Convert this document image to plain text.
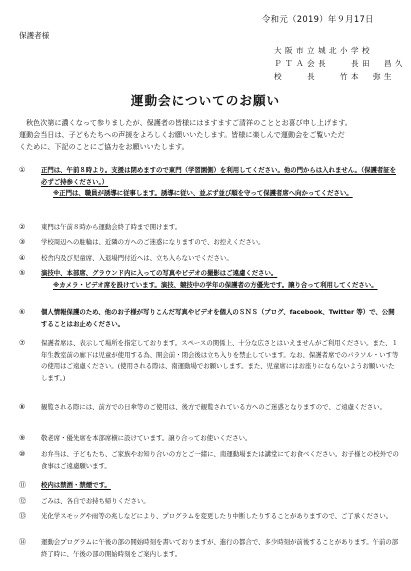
令和元（2019）年９月17日
保護者様
大阪市立城北小学校
ＰＴＡ会長　　長田　昌久
校　　長　　竹本　弥生
運動会についてのお願い

　秋色次第に濃くなって参りましたが、保護者の皆様にはますますご清祥のこととお喜び申し上げます。

運動会当日は、子どもたちへの声援をよろしくお願いいたします。皆様に楽しんで運動会をご覧いただ

くために、下記のことにご協力をお願いいたします。

①	正門は、午前８時より。支援は閉めますので東門（学習園側）を利用してください。他の門からは入れません。（保護者証を必ずご持参ください。）
※正門は、職員が誘導に従事します。誘導に従い、並ぶず並び順を守って保護者席へ向かってください。
②	東門は午前８時から運動会終了時まで開けます。
③	学校周辺への駐輪は、近隣の方へのご迷惑になりますので、お控えください。
④	校舎内及び児童席、入退場門付近へは、立ち入らないでください。
⑤	演技中、本部席、グラウンド内に入っての写真やビデオの撮影はご遠慮ください。
※カメラ・ビデオ席を設けています。演技、競技中の学年の保護者の方優先です。譲り合って利用してください。
⑥	個人情報保護のため、他のお子様が写りこんだ写真やビデオを個人のＳＮＳ（ブログ、facebook、Twitter 等）で、公開することはお止めください。
⑦	保護者席は、表示して場所を指定しております。スペースの関係上、十分な広さとはいえませんがご利用ください。また、１年生教室前の廊下は児童が使用する為、開会前・閉会後は立ち入りを禁止しています。なお、保護者席でのパラソル・いす等の使用はご遠慮ください。(使用される際は、南運動場でお願いします。また、児童席にはお座りにならないようお願いいたします。)
⑧	観覧される際には、前方での日傘等のご使用は、後方で観覧されている方へのご迷惑となりますので、ご遠慮ください。
⑨	敬老席・優先席を本部席横に設けています。譲り合ってお使いください。
⑩	お弁当は、子どもたち、ご家族やお知り合いの方とご一緒に、南運動場または講堂にてお食べください。お子様との校外での食事はご遠慮願います。
⑪	校内は禁酒・禁煙です。
⑫	ごみは、各自でお持ち帰りください。
⑬	光化学スモッグや雨等の兆しなどにより、プログラムを変更したり中断したりすることがありますので、ご了承ください。
⑭	運動会プログラムに午後の部の開始時刻を書いておりますが、進行の都合で、多少時刻が前後することがあります。午前の部終了時に、午後の部の開始時刻をご案内します。
